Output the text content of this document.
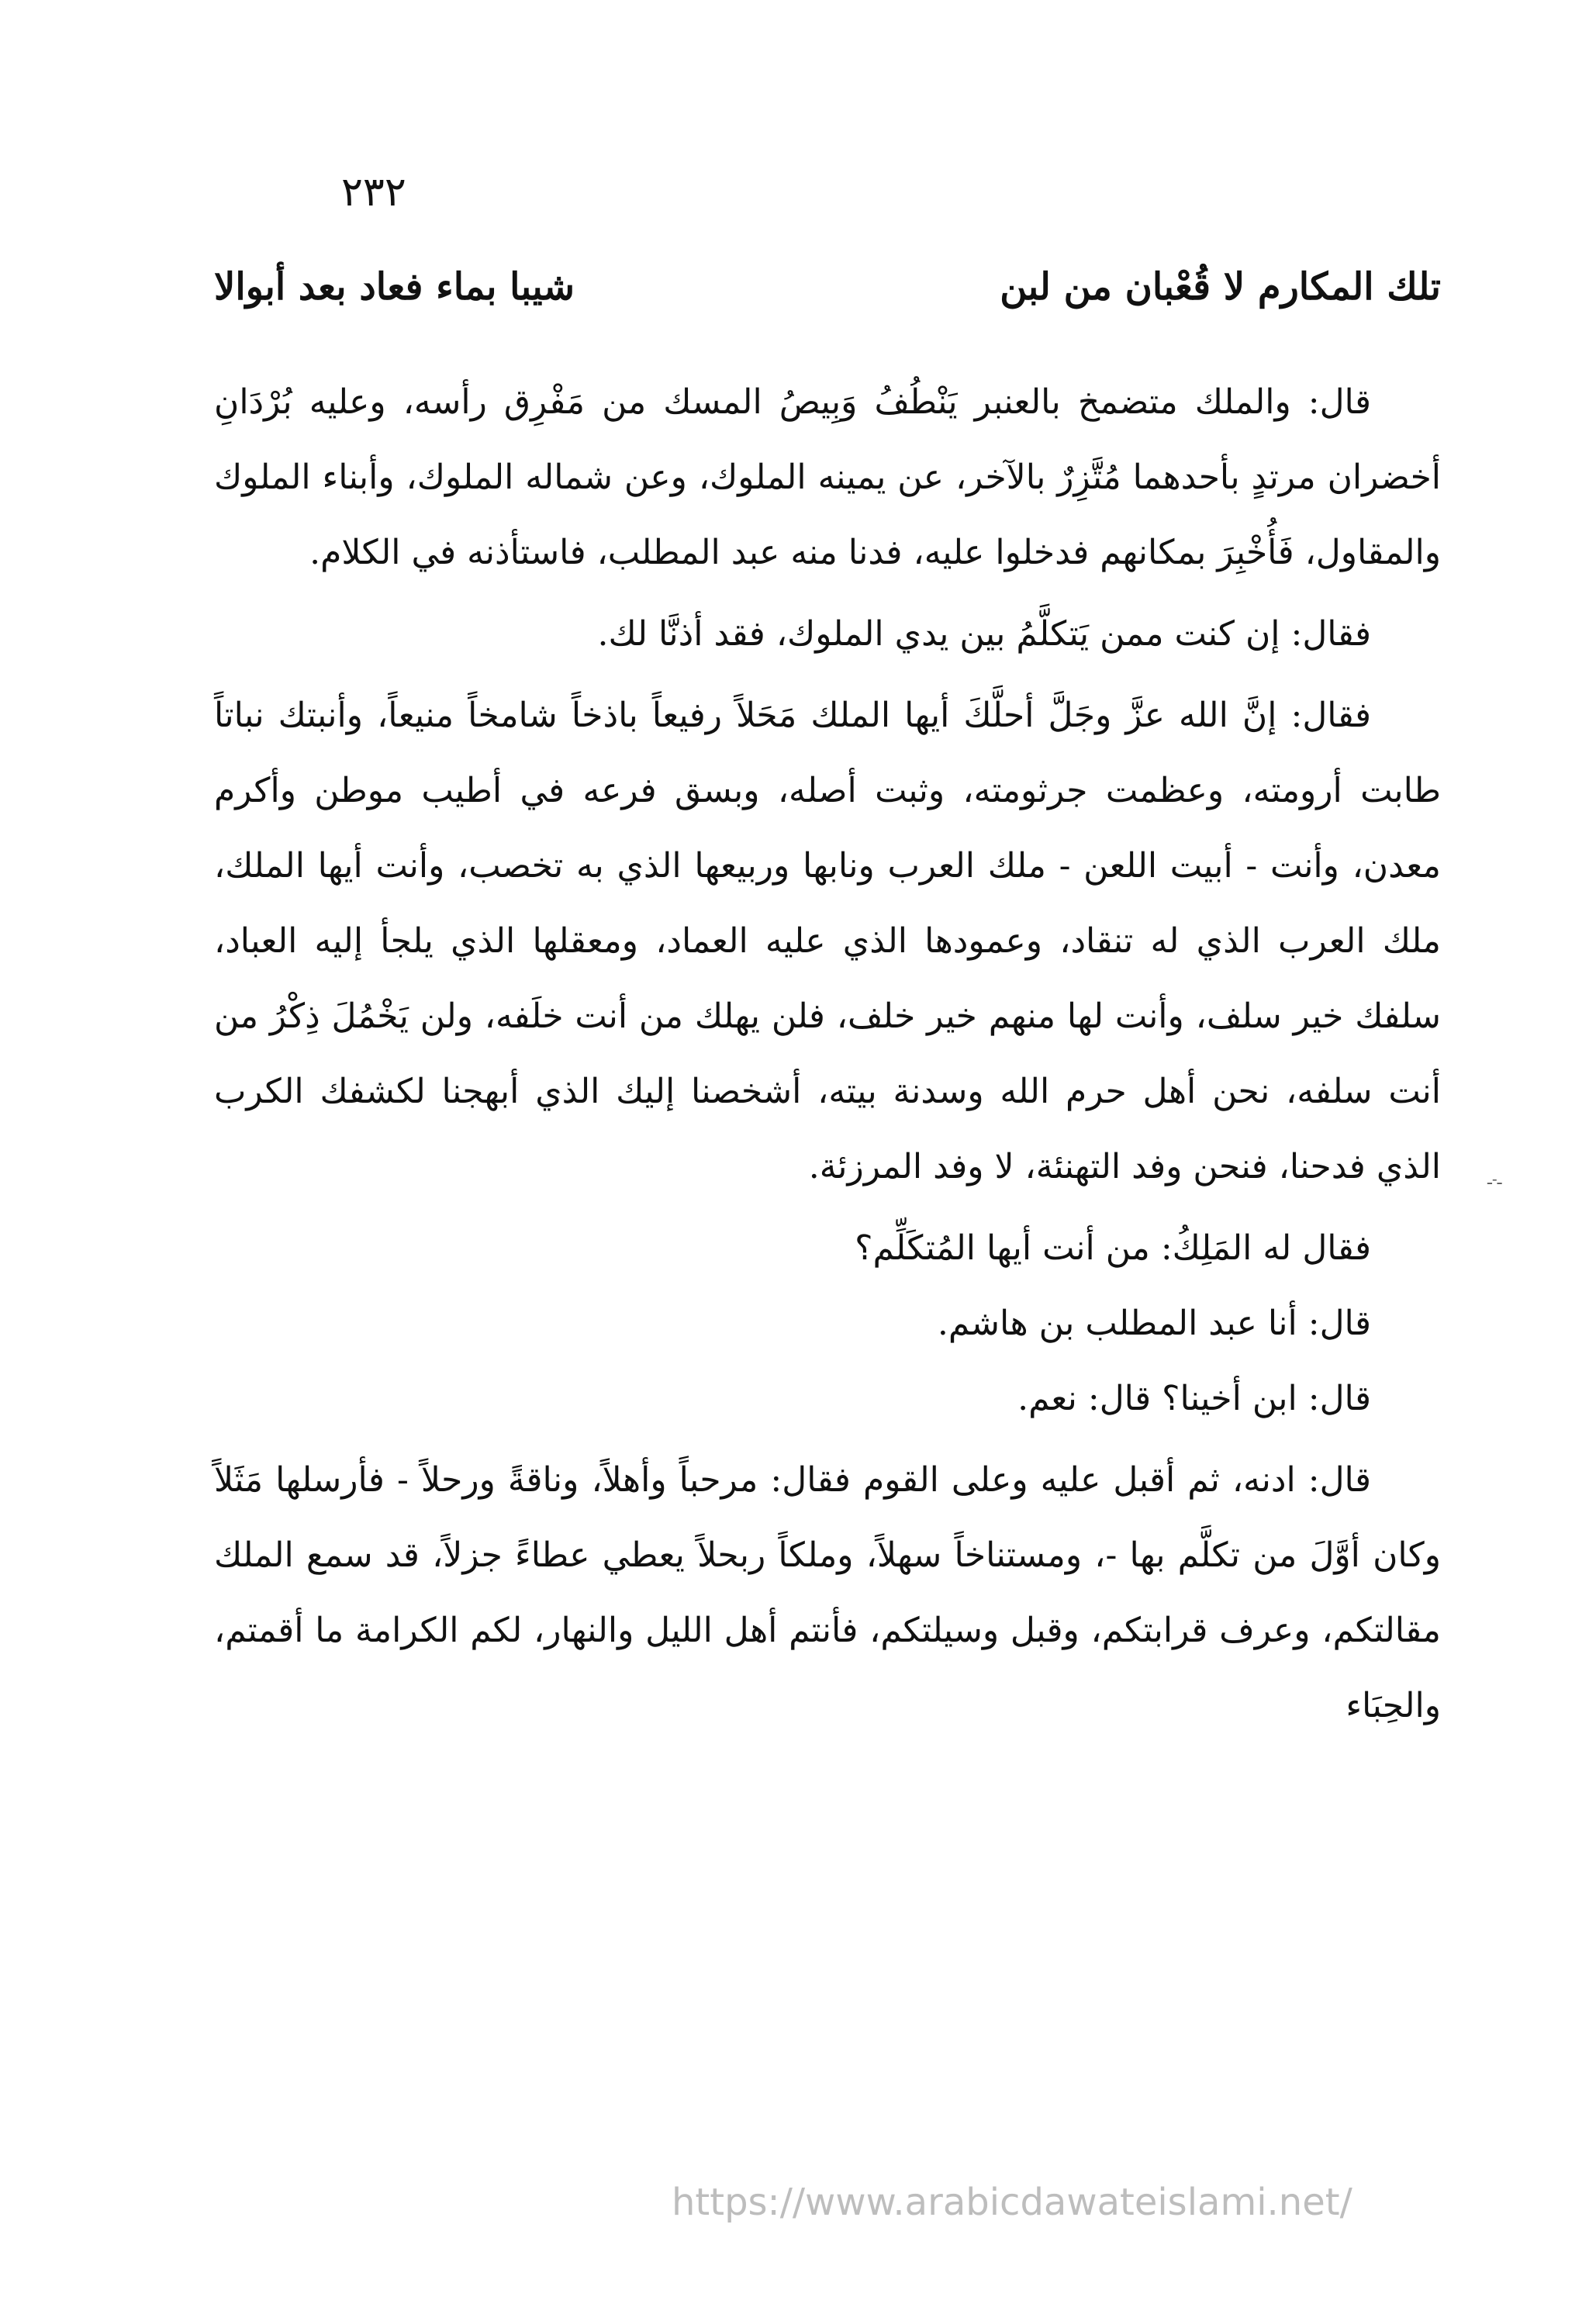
٢٣٢
تلك المكارم لا قُعْبان من لبن
شيبا بماء فعاد بعد أبوالا

قال: والملك متضمخ بالعنبر يَنْطُفُ وَبِيصُ المسك من مَفْرِق رأسه، وعليه بُرْدَانِ أخضران مرتدٍ بأحدهما مُتَّزِرٌ بالآخر، عن يمينه الملوك، وعن شماله الملوك، وأبناء الملوك والمقاول، فَأُخْبِرَ بمكانهم فدخلوا عليه، فدنا منه عبد المطلب، فاستأذنه في الكلام.

فقال: إن كنت ممن يَتكلَّمُ بين يدي الملوك، فقد أذنَّا لك.

فقال: إنَّ الله عزَّ وجَلَّ أحلَّكَ أيها الملك مَحَلاً رفيعاً باذخاً شامخاً منيعاً، وأنبتك نباتاً طابت أرومته، وعظمت جرثومته، وثبت أصله، وبسق فرعه في أطيب موطن وأكرم معدن، وأنت - أبيت اللعن - ملك العرب ونابها وربيعها الذي به تخصب، وأنت أيها الملك، ملك العرب الذي له تنقاد، وعمودها الذي عليه العماد، ومعقلها الذي يلجأ إليه العباد، سلفك خير سلف، وأنت لها منهم خير خلف، فلن يهلك من أنت خلَفه، ولن يَخْمُلَ ذِكْرُ من أنت سلفه، نحن أهل حرم الله وسدنة بيته، أشخصنا إليك الذي أبهجنا لكشفك الكرب الذي فدحنا، فنحن وفد التهنئة، لا وفد المرزئة.

فقال له المَلِكُ: من أنت أيها المُتكَلِّم؟

قال: أنا عبد المطلب بن هاشم.

قال: ابن أخينا؟ قال: نعم.

قال: ادنه، ثم أقبل عليه وعلى القوم فقال: مرحباً وأهلاً، وناقةً ورحلاً - فأرسلها مَثَلاً وكان أوَّلَ من تكلَّم بها -، ومستناخاً سهلاً، وملكاً ربحلاً يعطي عطاءً جزلاً، قد سمع الملك مقالتكم، وعرف قرابتكم، وقبل وسيلتكم، فأنتم أهل الليل والنهار، لكم الكرامة ما أقمتم، والحِبَاء

ـ‐ـ
https://www.arabicdawateislami.net/
